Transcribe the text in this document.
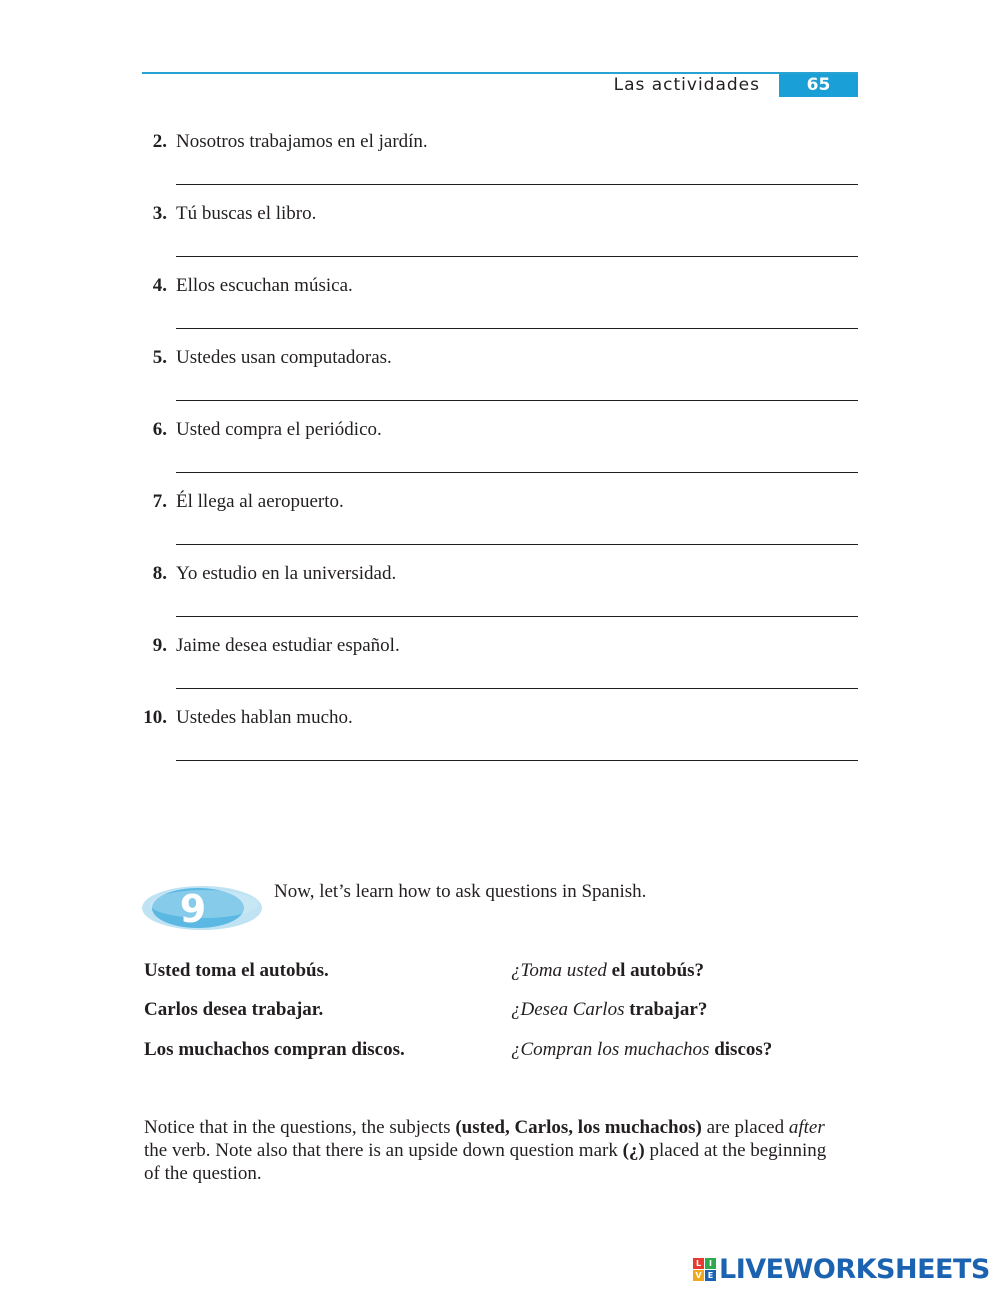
Las actividades	65
2. Nosotros trabajamos en el jardín.
3. Tú buscas el libro.
4. Ellos escuchan música.
5. Ustedes usan computadoras.
6. Usted compra el periódico.
7. Él llega al aeropuerto.
8. Yo estudio en la universidad.
9. Jaime desea estudiar español.
10. Ustedes hablan mucho.
9	Now, let’s learn how to ask questions in Spanish.
Usted toma el autobús.	¿Toma usted el autobús?
Carlos desea trabajar.	¿Desea Carlos trabajar?
Los muchachos compran discos.	¿Compran los muchachos discos?
Notice that in the questions, the subjects (usted, Carlos, los muchachos) are placed after the verb. Note also that there is an upside down question mark (¿) placed at the beginning of the question.
L I
V E LIVEWORKSHEETS
